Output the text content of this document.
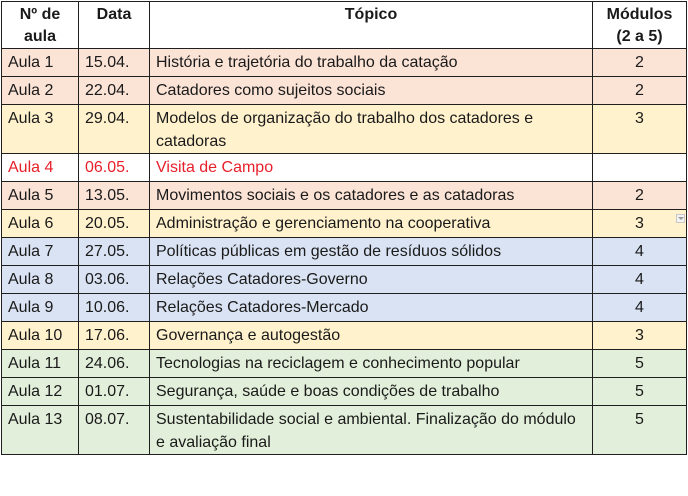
Nº de aula	Data	Tópico	Módulos (2 a 5)
Aula 1	15.04.	História e trajetória do trabalho da catação	2
Aula 2	22.04.	Catadores como sujeitos sociais	2
Aula 3	29.04.	Modelos de organização do trabalho dos catadores e catadoras	3
Aula 4	06.05.	Visita de Campo	
Aula 5	13.05.	Movimentos sociais e os catadores e as catadoras	2
Aula 6	20.05.	Administração e gerenciamento na cooperativa	3

Aula 7	27.05.	Políticas públicas em gestão de resíduos sólidos	4
Aula 8	03.06.	Relações Catadores-Governo	4
Aula 9	10.06.	Relações Catadores-Mercado	4
Aula 10	17.06.	Governança e autogestão	3
Aula 11	24.06.	Tecnologias na reciclagem e conhecimento popular	5
Aula 12	01.07.	Segurança, saúde e boas condições de trabalho	5
Aula 13	08.07.	Sustentabilidade social e ambiental. Finalização do módulo e avaliação final	5
